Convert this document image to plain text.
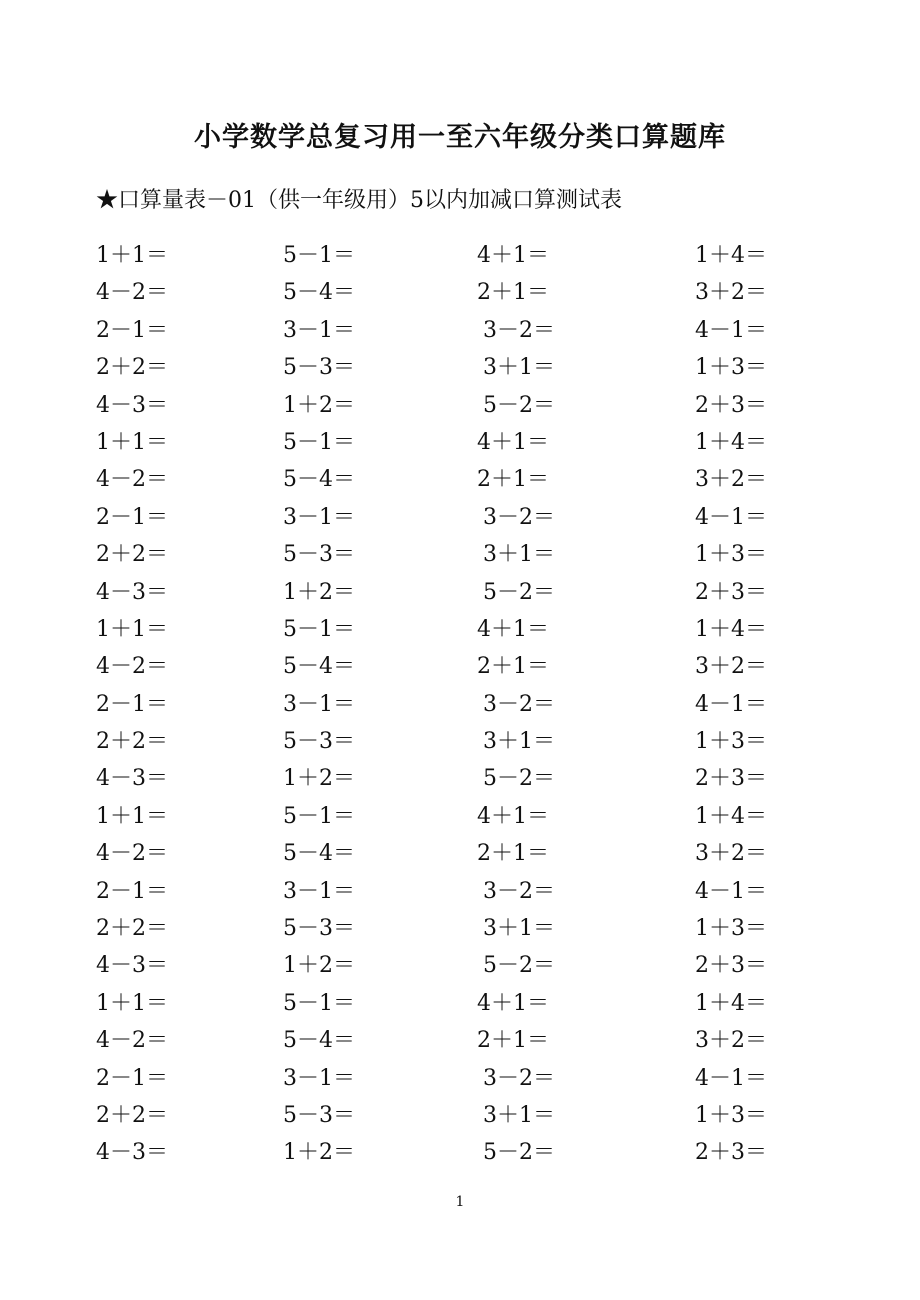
小学数学总复习用一至六年级分类口算题库

★口算量表－01（供一年级用）5以内加减口算测试表

1＋1＝	5－1＝	4＋1＝	1＋4＝
4－2＝	5－4＝	2＋1＝	3＋2＝
2－1＝	3－1＝	3－2＝	4－1＝
2＋2＝	5－3＝	3＋1＝	1＋3＝
4－3＝	1＋2＝	5－2＝	2＋3＝
1＋1＝	5－1＝	4＋1＝	1＋4＝
4－2＝	5－4＝	2＋1＝	3＋2＝
2－1＝	3－1＝	3－2＝	4－1＝
2＋2＝	5－3＝	3＋1＝	1＋3＝
4－3＝	1＋2＝	5－2＝	2＋3＝
1＋1＝	5－1＝	4＋1＝	1＋4＝
4－2＝	5－4＝	2＋1＝	3＋2＝
2－1＝	3－1＝	3－2＝	4－1＝
2＋2＝	5－3＝	3＋1＝	1＋3＝
4－3＝	1＋2＝	5－2＝	2＋3＝
1＋1＝	5－1＝	4＋1＝	1＋4＝
4－2＝	5－4＝	2＋1＝	3＋2＝
2－1＝	3－1＝	3－2＝	4－1＝
2＋2＝	5－3＝	3＋1＝	1＋3＝
4－3＝	1＋2＝	5－2＝	2＋3＝
1＋1＝	5－1＝	4＋1＝	1＋4＝
4－2＝	5－4＝	2＋1＝	3＋2＝
2－1＝	3－1＝	3－2＝	4－1＝
2＋2＝	5－3＝	3＋1＝	1＋3＝
4－3＝	1＋2＝	5－2＝	2＋3＝
1
